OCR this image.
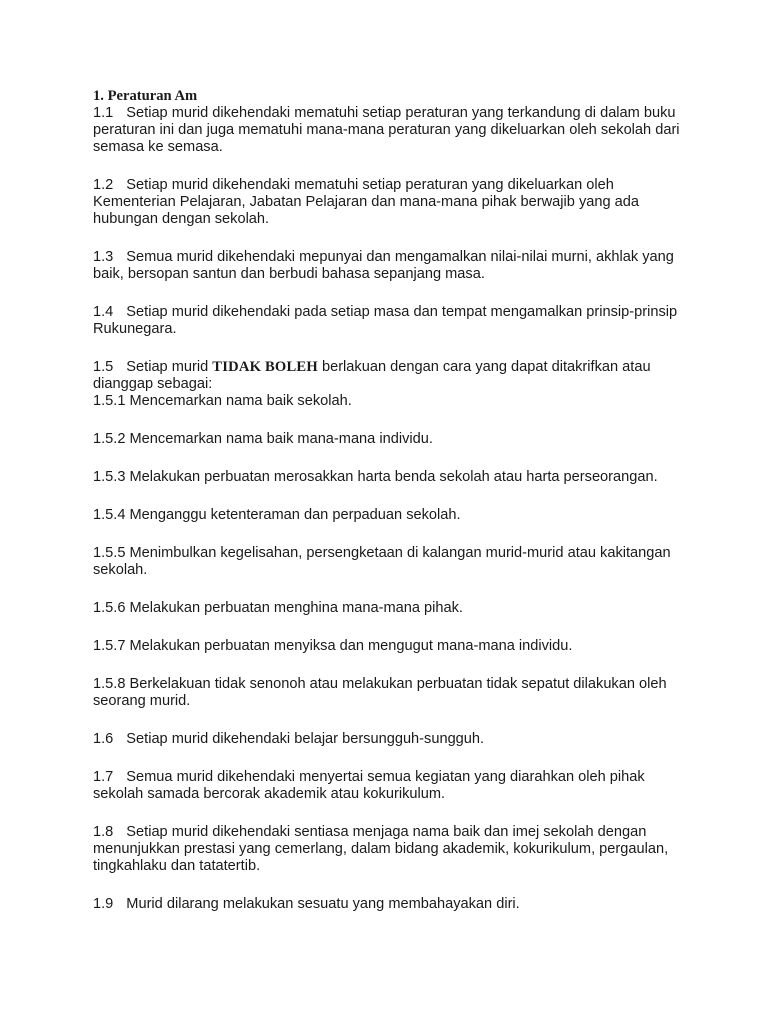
1. Peraturan Am

1.1 Setiap murid dikehendaki mematuhi setiap peraturan yang terkandung di dalam buku peraturan ini dan juga mematuhi mana-mana peraturan yang dikeluarkan oleh sekolah dari semasa ke semasa.

1.2 Setiap murid dikehendaki mematuhi setiap peraturan yang dikeluarkan oleh Kementerian Pelajaran, Jabatan Pelajaran dan mana-mana pihak berwajib yang ada hubungan dengan sekolah.

1.3 Semua murid dikehendaki mepunyai dan mengamalkan nilai-nilai murni, akhlak yang baik, bersopan santun dan berbudi bahasa sepanjang masa.

1.4 Setiap murid dikehendaki pada setiap masa dan tempat mengamalkan prinsip-prinsip Rukunegara.

1.5 Setiap murid TIDAK BOLEH berlakuan dengan cara yang dapat ditakrifkan atau dianggap sebagai:

1.5.1 Mencemarkan nama baik sekolah.

1.5.2 Mencemarkan nama baik mana-mana individu.

1.5.3 Melakukan perbuatan merosakkan harta benda sekolah atau harta perseorangan.

1.5.4 Menganggu ketenteraman dan perpaduan sekolah.

1.5.5 Menimbulkan kegelisahan, persengketaan di kalangan murid-murid atau kakitangan sekolah.

1.5.6 Melakukan perbuatan menghina mana-mana pihak.

1.5.7 Melakukan perbuatan menyiksa dan mengugut mana-mana individu.

1.5.8 Berkelakuan tidak senonoh atau melakukan perbuatan tidak sepatut dilakukan oleh seorang murid.

1.6 Setiap murid dikehendaki belajar bersungguh-sungguh.

1.7 Semua murid dikehendaki menyertai semua kegiatan yang diarahkan oleh pihak sekolah samada bercorak akademik atau kokurikulum.

1.8 Setiap murid dikehendaki sentiasa menjaga nama baik dan imej sekolah dengan menunjukkan prestasi yang cemerlang, dalam bidang akademik, kokurikulum, pergaulan, tingkahlaku dan tatatertib.

1.9 Murid dilarang melakukan sesuatu yang membahayakan diri.
